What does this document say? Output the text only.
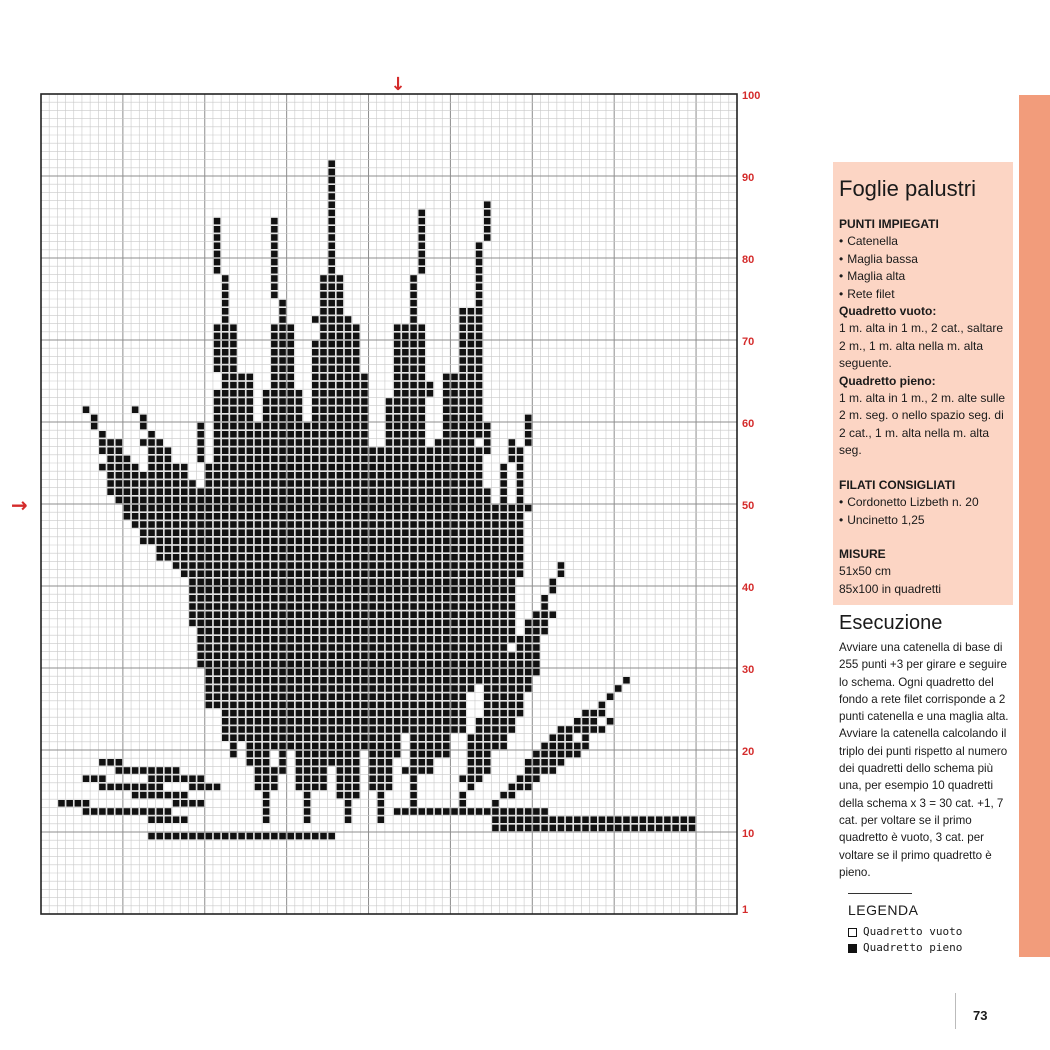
100
90
80
70
60
50
40
30
20
10
1
↓
→
Foglie palustri
PUNTI IMPIEGATI
• Catenella
• Maglia bassa
• Maglia alta
• Rete filet
Quadretto vuoto:

1 m. alta in 1 m., 2 cat., saltare 2 m., 1 m. alta nella m. alta seguente.

Quadretto pieno:

1 m. alta in 1 m., 2 m. alte sulle 2 m. seg. o nello spazio seg. di 2 cat., 1 m. alta nella m. alta seg.

FILATI CONSIGLIATI
• Cordonetto Lizbeth n. 20
• Uncinetto 1,25
MISURE

51x50 cm

85x100 in quadretti

Esecuzione

Avviare una catenella di base di 255 punti +3 per girare e seguire lo schema. Ogni quadretto del fondo a rete filet corrisponde a 2 punti catenella e una maglia alta. Avviare la catenella calcolando il triplo dei punti rispetto al numero dei quadretti dello schema più una, per esempio 10 quadretti della schema x 3 = 30 cat. +1, 7 cat. per voltare se il primo quadretto è vuoto, 3 cat. per voltare se il primo quadretto è pieno.

LEGENDA
Quadretto vuoto
Quadretto pieno
73
